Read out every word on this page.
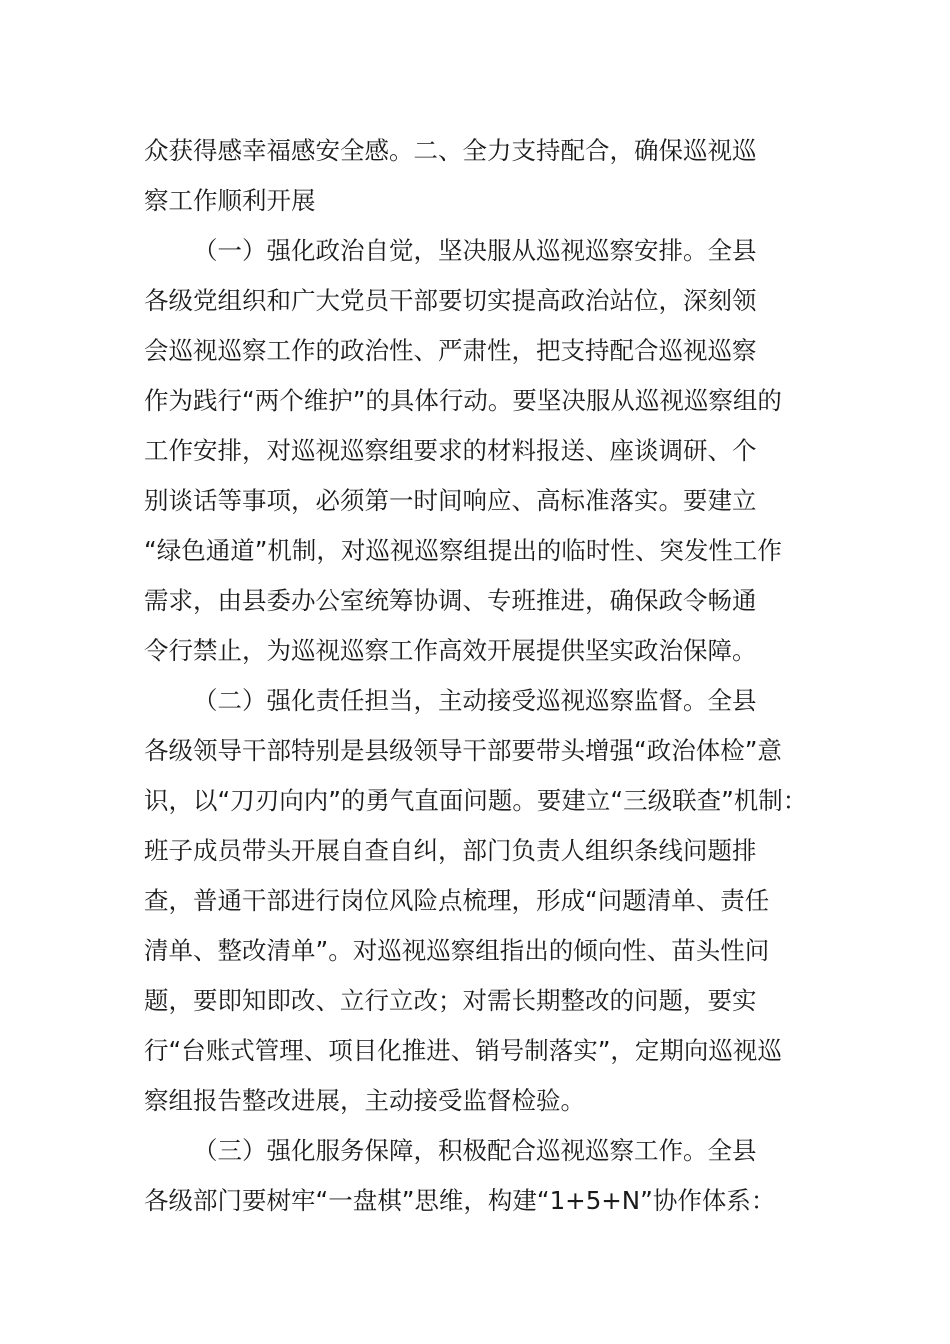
众获得感幸福感安全感。二、全力支持配合，确保巡视巡
察工作顺利开展
（一）强化政治自觉，坚决服从巡视巡察安排。全县
各级党组织和广大党员干部要切实提高政治站位，深刻领
会巡视巡察工作的政治性、严肃性，把支持配合巡视巡察
作为践行“两个维护”的具体行动。要坚决服从巡视巡察组的
工作安排，对巡视巡察组要求的材料报送、座谈调研、个
别谈话等事项，必须第一时间响应、高标准落实。要建立
“绿色通道”机制，对巡视巡察组提出的临时性、突发性工作
需求，由县委办公室统筹协调、专班推进，确保政令畅通
令行禁止，为巡视巡察工作高效开展提供坚实政治保障。
（二）强化责任担当，主动接受巡视巡察监督。全县
各级领导干部特别是县级领导干部要带头增强“政治体检”意
识，以“刀刃向内”的勇气直面问题。要建立“三级联查”机制：
班子成员带头开展自查自纠，部门负责人组织条线问题排
查，普通干部进行岗位风险点梳理，形成“问题清单、责任
清单、整改清单”。对巡视巡察组指出的倾向性、苗头性问
题，要即知即改、立行立改；对需长期整改的问题，要实
行“台账式管理、项目化推进、销号制落实”，定期向巡视巡
察组报告整改进展，主动接受监督检验。
（三）强化服务保障，积极配合巡视巡察工作。全县
各级部门要树牢“一盘棋”思维，构建“1+5+N”协作体系：
